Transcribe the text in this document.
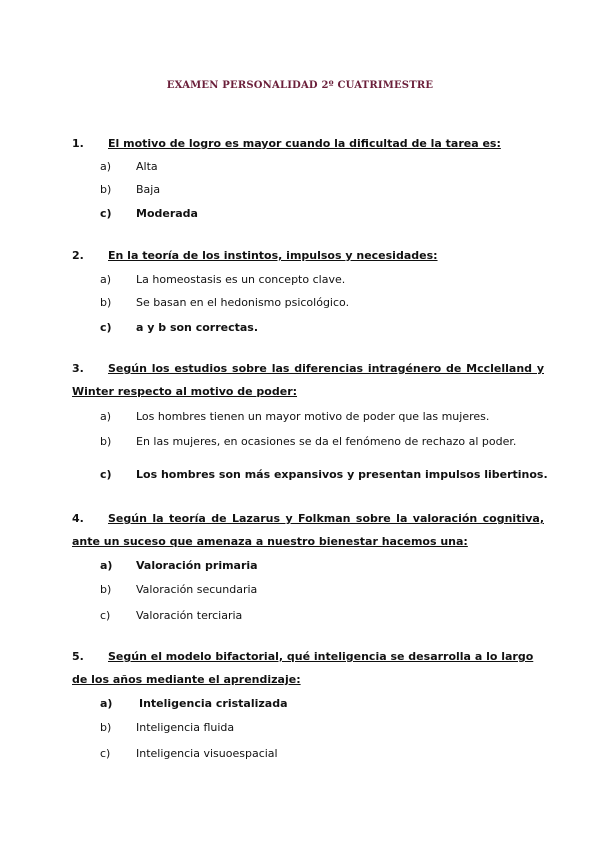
EXAMEN PERSONALIDAD 2º CUATRIMESTRE
1. El motivo de logro es mayor cuando la dificultad de la tarea es:
a) Alta
b) Baja
c) Moderada
2. En la teoría de los instintos, impulsos y necesidades:
a) La homeostasis es un concepto clave.
b) Se basan en el hedonismo psicológico.
c) a y b son correctas.
3. Según los estudios sobre las diferencias intragénero de Mcclelland y Winter respecto al motivo de poder:
a) Los hombres tienen un mayor motivo de poder que las mujeres.
b) En las mujeres, en ocasiones se da el fenómeno de rechazo al poder.
c) Los hombres son más expansivos y presentan impulsos libertinos.
4. Según la teoría de Lazarus y Folkman sobre la valoración cognitiva, ante un suceso que amenaza a nuestro bienestar hacemos una:
a) Valoración primaria
b) Valoración secundaria
c) Valoración terciaria
5. Según el modelo bifactorial, qué inteligencia se desarrolla a lo largo de los años mediante el aprendizaje:
a) Inteligencia cristalizada
b) Inteligencia fluida
c) Inteligencia visuoespacial
